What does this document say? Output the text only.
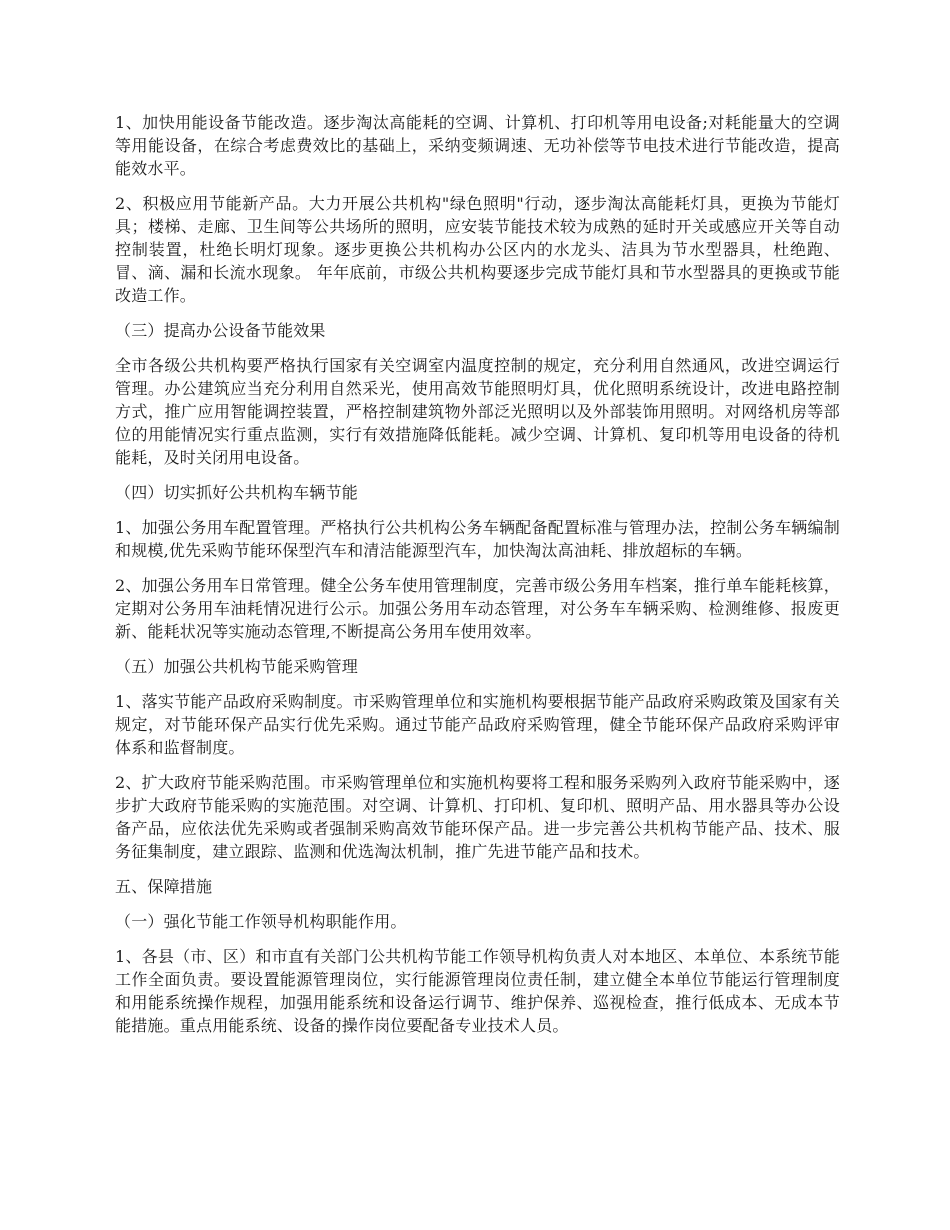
1、加快用能设备节能改造。逐步淘汰高能耗的空调、计算机、打印机等用电设备;对耗能量大的空调等用能设备，在综合考虑费效比的基础上，采纳变频调速、无功补偿等节电技术进行节能改造，提高能效水平。

2、积极应用节能新产品。大力开展公共机构"绿色照明"行动，逐步淘汰高能耗灯具，更换为节能灯具；楼梯、走廊、卫生间等公共场所的照明，应安装节能技术较为成熟的延时开关或感应开关等自动控制装置，杜绝长明灯现象。逐步更换公共机构办公区内的水龙头、洁具为节水型器具，杜绝跑、冒、滴、漏和长流水现象。 年年底前，市级公共机构要逐步完成节能灯具和节水型器具的更换或节能改造工作。

（三）提高办公设备节能效果

全市各级公共机构要严格执行国家有关空调室内温度控制的规定，充分利用自然通风，改进空调运行管理。办公建筑应当充分利用自然采光，使用高效节能照明灯具，优化照明系统设计，改进电路控制方式，推广应用智能调控装置，严格控制建筑物外部泛光照明以及外部装饰用照明。对网络机房等部位的用能情况实行重点监测，实行有效措施降低能耗。减少空调、计算机、复印机等用电设备的待机能耗，及时关闭用电设备。

（四）切实抓好公共机构车辆节能

1、加强公务用车配置管理。严格执行公共机构公务车辆配备配置标准与管理办法，控制公务车辆编制和规模,优先采购节能环保型汽车和清洁能源型汽车，加快淘汰高油耗、排放超标的车辆。

2、加强公务用车日常管理。健全公务车使用管理制度，完善市级公务用车档案，推行单车能耗核算，定期对公务用车油耗情况进行公示。加强公务用车动态管理，对公务车车辆采购、检测维修、报废更新、能耗状况等实施动态管理,不断提高公务用车使用效率。

（五）加强公共机构节能采购管理

1、落实节能产品政府采购制度。市采购管理单位和实施机构要根据节能产品政府采购政策及国家有关规定，对节能环保产品实行优先采购。通过节能产品政府采购管理，健全节能环保产品政府采购评审体系和监督制度。

2、扩大政府节能采购范围。市采购管理单位和实施机构要将工程和服务采购列入政府节能采购中，逐步扩大政府节能采购的实施范围。对空调、计算机、打印机、复印机、照明产品、用水器具等办公设备产品，应依法优先采购或者强制采购高效节能环保产品。进一步完善公共机构节能产品、技术、服务征集制度，建立跟踪、监测和优选淘汰机制，推广先进节能产品和技术。

五、保障措施

（一）强化节能工作领导机构职能作用。

1、各县（市、区）和市直有关部门公共机构节能工作领导机构负责人对本地区、本单位、本系统节能工作全面负责。要设置能源管理岗位，实行能源管理岗位责任制，建立健全本单位节能运行管理制度和用能系统操作规程，加强用能系统和设备运行调节、维护保养、巡视检查，推行低成本、无成本节能措施。重点用能系统、设备的操作岗位要配备专业技术人员。
